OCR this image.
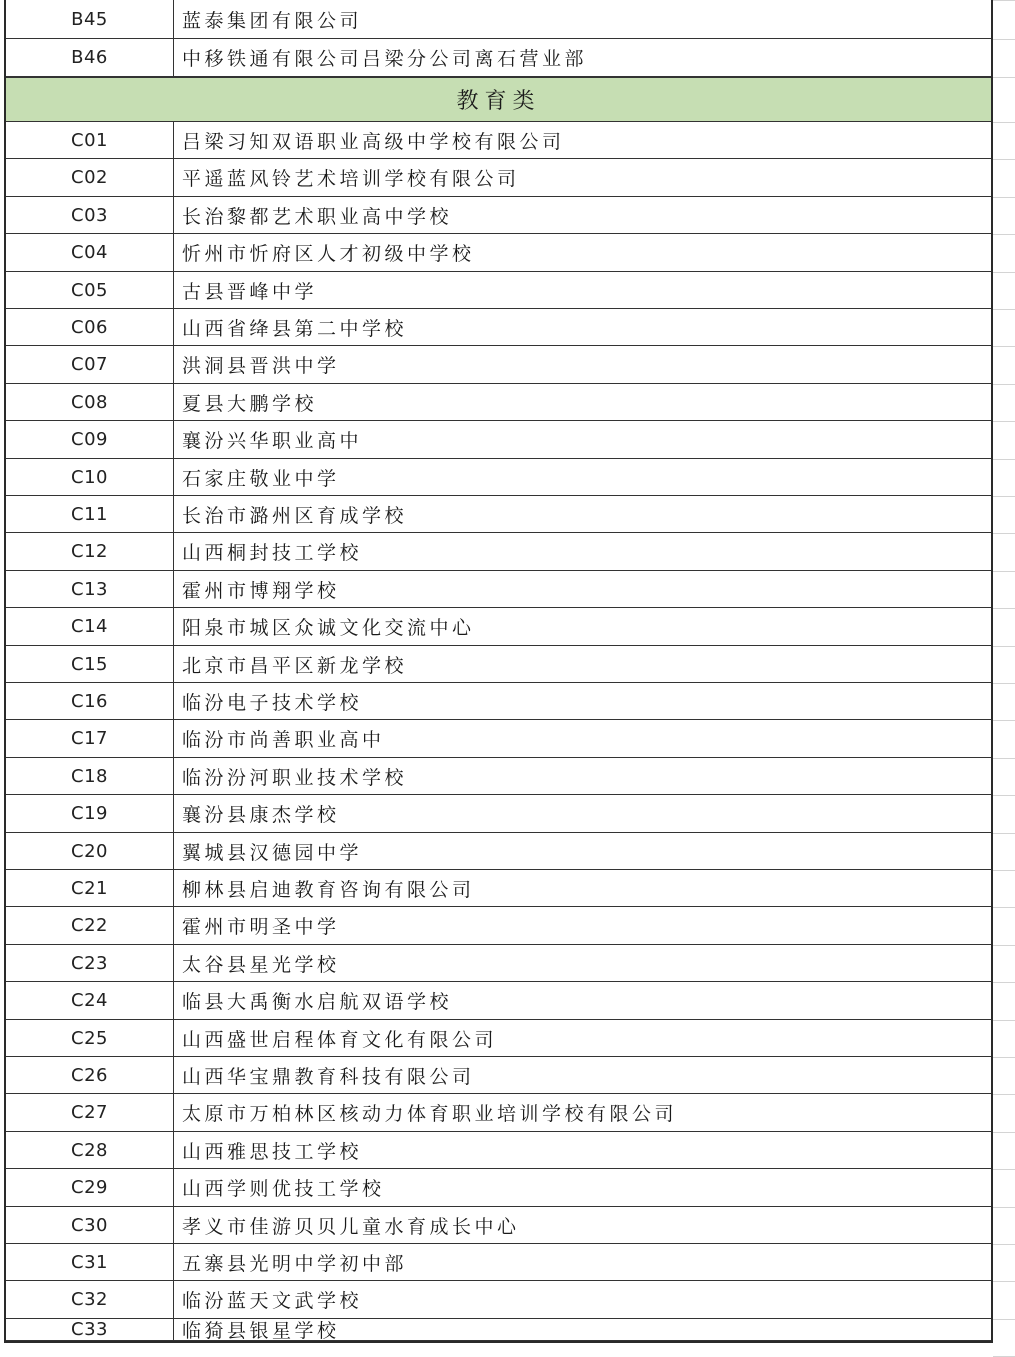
B45	蓝泰集团有限公司
B46	中移铁通有限公司吕梁分公司离石营业部
教育类
C01	吕梁习知双语职业高级中学校有限公司
C02	平遥蓝风铃艺术培训学校有限公司
C03	长治黎都艺术职业高中学校
C04	忻州市忻府区人才初级中学校
C05	古县晋峰中学
C06	山西省绛县第二中学校
C07	洪洞县晋洪中学
C08	夏县大鹏学校
C09	襄汾兴华职业高中
C10	石家庄敬业中学
C11	长治市潞州区育成学校
C12	山西桐封技工学校
C13	霍州市博翔学校
C14	阳泉市城区众诚文化交流中心
C15	北京市昌平区新龙学校
C16	临汾电子技术学校
C17	临汾市尚善职业高中
C18	临汾汾河职业技术学校
C19	襄汾县康杰学校
C20	翼城县汉德园中学
C21	柳林县启迪教育咨询有限公司
C22	霍州市明圣中学
C23	太谷县星光学校
C24	临县大禹衡水启航双语学校
C25	山西盛世启程体育文化有限公司
C26	山西华宝鼎教育科技有限公司
C27	太原市万柏林区核动力体育职业培训学校有限公司
C28	山西雅思技工学校
C29	山西学则优技工学校
C30	孝义市佳游贝贝儿童水育成长中心
C31	五寨县光明中学初中部
C32	临汾蓝天文武学校
C33	临猗县银星学校
